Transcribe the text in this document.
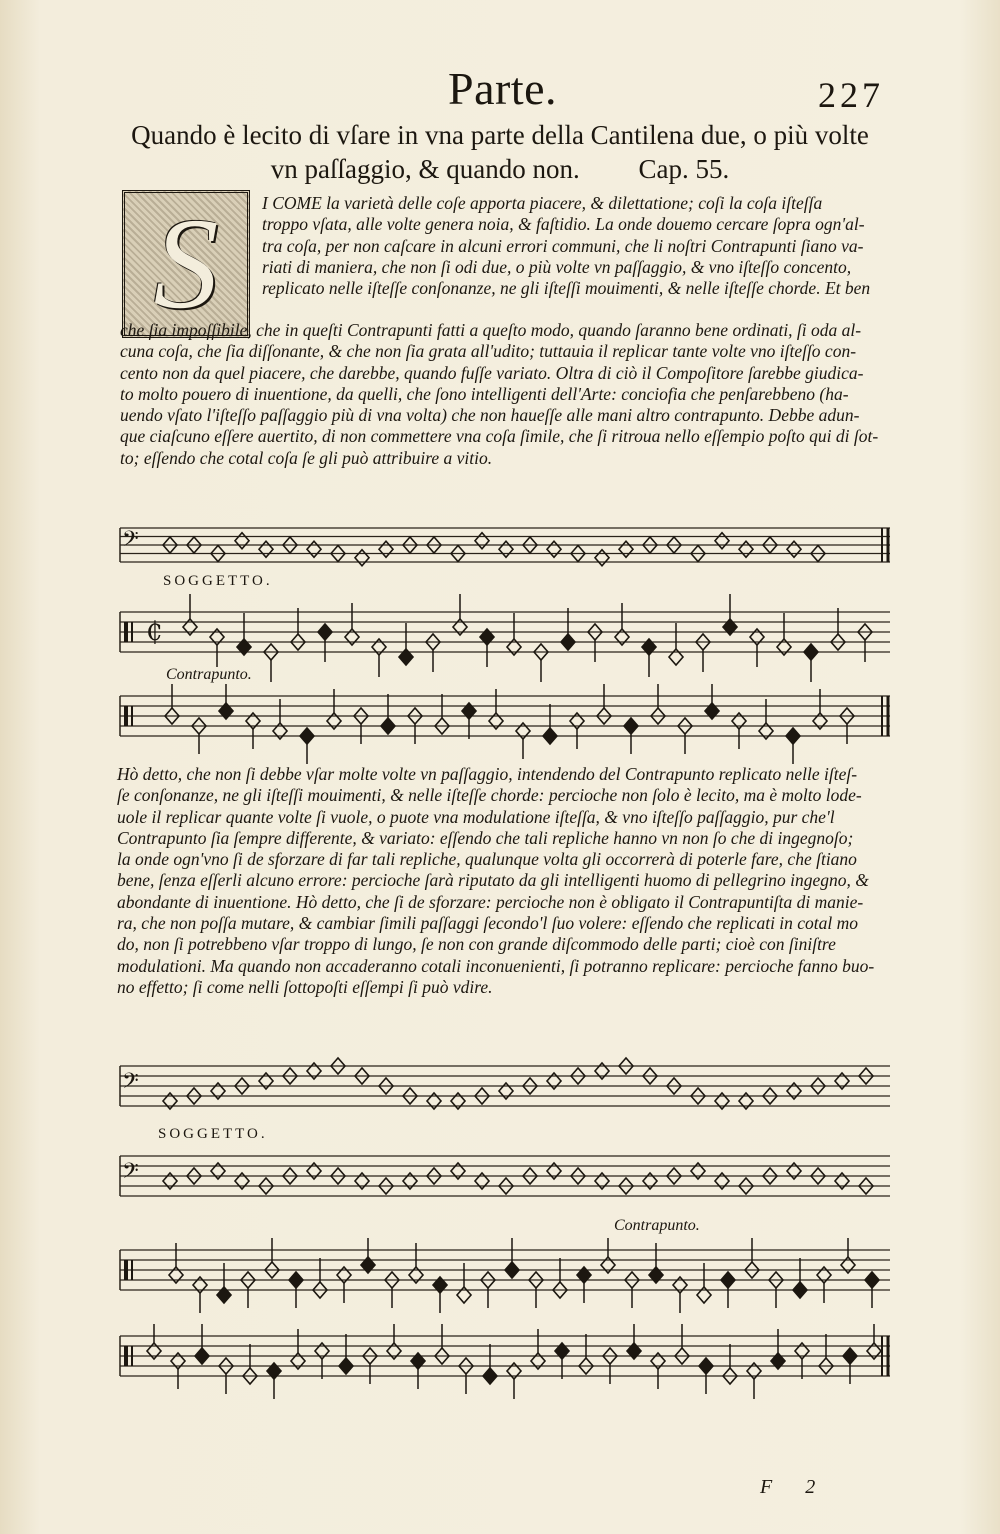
Parte.	227
Quando è lecito di vſare in vna parte della Cantilena due, o più volte
vn paſſaggio, & quando non. Cap. 55.
S I COME la varietà delle coſe apporta piacere, & dilettatione; coſi la coſa iſteſſa
troppo vſata, alle volte genera noia, & faſtidio. La onde douemo cercare ſopra ogn'al-
tra coſa, per non caſcare in alcuni errori communi, che li noſtri Contrapunti ſiano va-
riati di maniera, che non ſi odi due, o più volte vn paſſaggio, & vno iſteſſo concento,
replicato nelle iſteſſe conſonanze, ne gli iſteſſi mouimenti, & nelle iſteſſe chorde. Et ben

che ſia impoſſibile, che in queſti Contrapunti fatti a queſto modo, quando ſaranno bene ordinati, ſi oda al-
cuna coſa, che ſia diſſonante, & che non ſia grata all'udito; tuttauia il replicar tante volte vno iſteſſo con-
cento non da quel piacere, che darebbe, quando fuſſe variato. Oltra di ciò il Compoſitore ſarebbe giudica-
to molto pouero di inuentione, da quelli, che ſono intelligenti dell'Arte: conciofia che penſarebbeno (ha-
uendo vſato l'iſteſſo paſſaggio più di vna volta) che non haueſſe alle mani altro contrapunto. Debbe adun-
que ciaſcuno eſſere auertito, di non commettere vna coſa ſimile, che ſi ritroua nello eſſempio poſto qui di ſot-
to; eſſendo che cotal coſa ſe gli può attribuire a vitio.

𝄢
SOGGETTO.
₵
Contrapunto.

Hò detto, che non ſi debbe vſar molte volte vn paſſaggio, intendendo del Contrapunto replicato nelle iſteſ-
ſe conſonanze, ne gli iſteſſi mouimenti, & nelle iſteſſe chorde: percioche non ſolo è lecito, ma è molto lode-
uole il replicar quante volte ſi vuole, o puote vna modulatione iſteſſa, & vno iſteſſo paſſaggio, pur che'l
Contrapunto ſia ſempre differente, & variato: eſſendo che tali repliche hanno vn non ſo che di ingegnoſo;
la onde ogn'vno ſi de sforzare di far tali repliche, qualunque volta gli occorrerà di poterle fare, che ſtiano
bene, ſenza eſſerli alcuno errore: percioche ſarà riputato da gli intelligenti huomo di pellegrino ingegno, &
abondante di inuentione. Hò detto, che ſi de sforzare: percioche non è obligato il Contrapuntiſta di manie-
ra, che non poſſa mutare, & cambiar ſimili paſſaggi ſecondo'l ſuo volere: eſſendo che replicati in cotal mo
do, non ſi potrebbeno vſar troppo di lungo, ſe non con grande diſcommodo delle parti; cioè con ſiniſtre
modulationi. Ma quando non accaderanno cotali inconuenienti, ſi potranno replicare: percioche fanno buo-
no effetto; ſi come nelli ſottopoſti eſſempi ſi può vdire.

𝄢
SOGGETTO.
𝄢
Contrapunto.
F 2
